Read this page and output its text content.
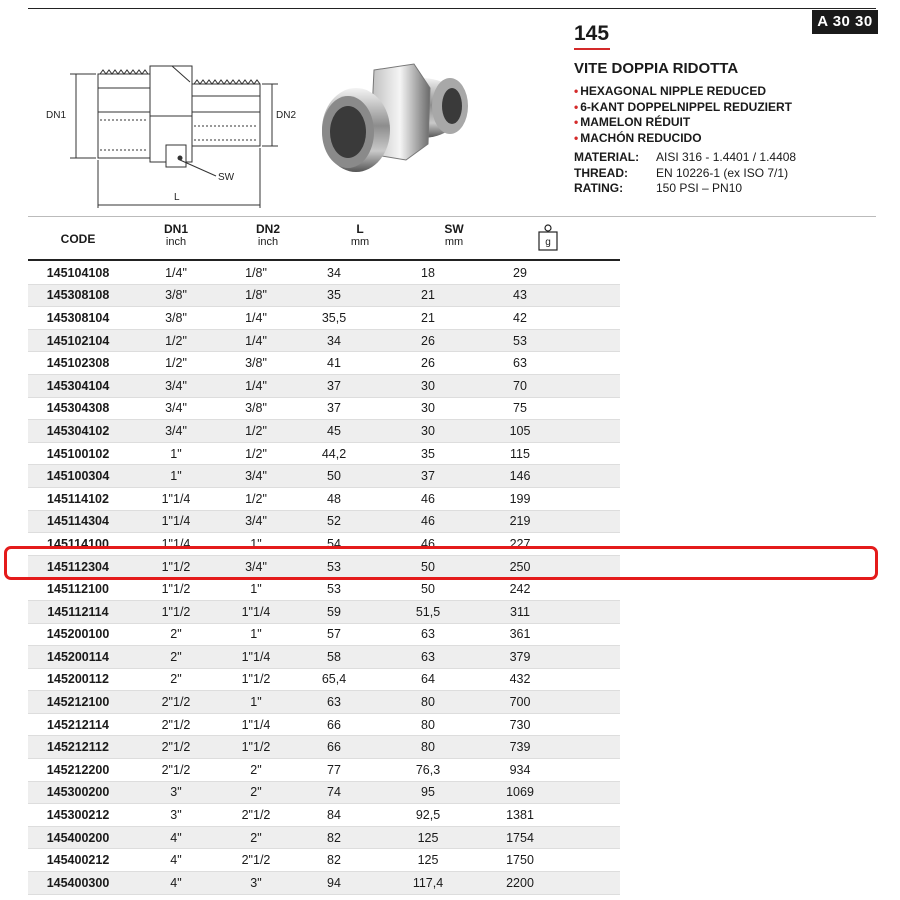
A 30 30
DN1	DN2
SW
L
145
VITE DOPPIA RIDOTTA
• HEXAGONAL NIPPLE REDUCED
• 6-KANT DOPPELNIPPEL REDUZIERT
• MAMELON RÉDUIT
• MACHÓN REDUCIDO
MATERIAL:	AISI 316 - 1.4401 / 1.4408
THREAD:	EN 10226-1 (ex ISO 7/1)
RATING:	150 PSI – PN10
CODE
DN1
inch
DN2
inch
L
mm
SW
mm	g
145104108	1/4"	1/8"	34	18	29
145308108	3/8"	1/8"	35	21	43
145308104	3/8"	1/4"	35,5	21	42
145102104	1/2"	1/4"	34	26	53
145102308	1/2"	3/8"	41	26	63
145304104	3/4"	1/4"	37	30	70
145304308	3/4"	3/8"	37	30	75
145304102	3/4"	1/2"	45	30	105
145100102	1"	1/2"	44,2	35	115
145100304	1"	3/4"	50	37	146
145114102	1"1/4	1/2"	48	46	199
145114304	1"1/4	3/4"	52	46	219
145114100	1"1/4	1"	54	46	227
145112304	1"1/2	3/4"	53	50	250
145112100	1"1/2	1"	53	50	242
145112114	1"1/2	1"1/4	59	51,5	311
145200100	2"	1"	57	63	361
145200114	2"	1"1/4	58	63	379
145200112	2"	1"1/2	65,4	64	432
145212100	2"1/2	1"	63	80	700
145212114	2"1/2	1"1/4	66	80	730
145212112	2"1/2	1"1/2	66	80	739
145212200	2"1/2	2"	77	76,3	934
145300200	3"	2"	74	95	1069
145300212	3"	2"1/2	84	92,5	1381
145400200	4"	2"	82	125	1754
145400212	4"	2"1/2	82	125	1750
145400300	4"	3"	94	117,4	2200
